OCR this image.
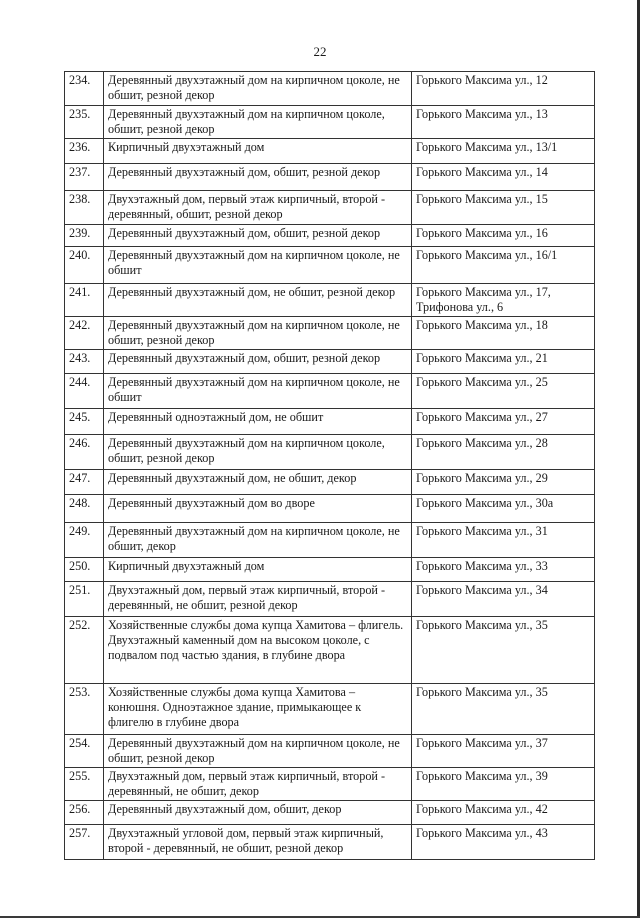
22
234.	Деревянный двухэтажный дом на кирпичном цоколе, не обшит, резной декор	Горького Максима ул., 12
235.	Деревянный двухэтажный дом на кирпичном цоколе, обшит, резной декор	Горького Максима ул., 13
236.	Кирпичный двухэтажный дом	Горького Максима ул., 13/1
237.	Деревянный двухэтажный дом, обшит, резной декор	Горького Максима ул., 14
238.	Двухэтажный дом, первый этаж кирпичный, второй - деревянный, обшит, резной декор	Горького Максима ул., 15
239.	Деревянный двухэтажный дом, обшит, резной декор	Горького Максима ул., 16
240.	Деревянный двухэтажный дом на кирпичном цоколе, не обшит	Горького Максима ул., 16/1
241.	Деревянный двухэтажный дом, не обшит, резной декор	Горького Максима ул., 17, Трифонова ул., 6
242.	Деревянный двухэтажный дом на кирпичном цоколе, не обшит, резной декор	Горького Максима ул., 18
243.	Деревянный двухэтажный дом, обшит, резной декор	Горького Максима ул., 21
244.	Деревянный двухэтажный дом на кирпичном цоколе, не обшит	Горького Максима ул., 25
245.	Деревянный одноэтажный дом, не обшит	Горького Максима ул., 27
246.	Деревянный двухэтажный дом на кирпичном цоколе, обшит, резной декор	Горького Максима ул., 28
247.	Деревянный двухэтажный дом, не обшит, декор	Горького Максима ул., 29
248.	Деревянный двухэтажный дом во дворе	Горького Максима ул., 30а
249.	Деревянный двухэтажный дом на кирпичном цоколе, не обшит, декор	Горького Максима ул., 31
250.	Кирпичный двухэтажный дом	Горького Максима ул., 33
251.	Двухэтажный дом, первый этаж кирпичный, второй - деревянный, не обшит, резной декор	Горького Максима ул., 34
252.	Хозяйственные службы дома купца Хамитова – флигель. Двухэтажный каменный дом на высоком цоколе, с подвалом под частью здания, в глубине двора	Горького Максима ул., 35
253.	Хозяйственные службы дома купца Хамитова – конюшня. Одноэтажное здание, примыкающее к флигелю в глубине двора	Горького Максима ул., 35
254.	Деревянный двухэтажный дом на кирпичном цоколе, не обшит, резной декор	Горького Максима ул., 37
255.	Двухэтажный дом, первый этаж кирпичный, второй - деревянный, не обшит, декор	Горького Максима ул., 39
256.	Деревянный двухэтажный дом, обшит, декор	Горького Максима ул., 42
257.	Двухэтажный угловой дом, первый этаж кирпичный, второй - деревянный, не обшит, резной декор	Горького Максима ул., 43
